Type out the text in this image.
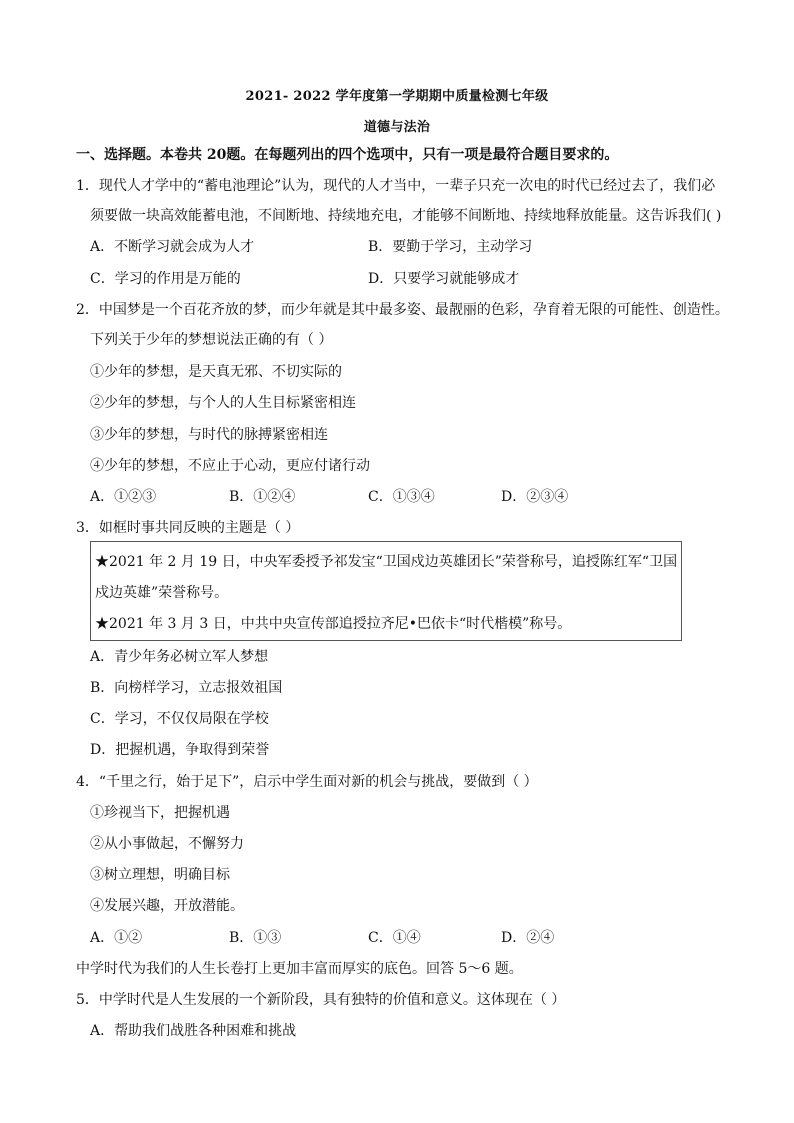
2021- 2022 学年度第一学期期中质量检测七年级
道德与法治
一、选择题。本卷共 20题。在每题列出的四个选项中，只有一项是最符合题目要求的。
1．现代人才学中的“蓄电池理论”认为，现代的人才当中，一辈子只充一次电的时代已经过去了，我们必
须要做一块高效能蓄电池，不间断地、持续地充电，才能够不间断地、持续地释放能量。这告诉我们( )
A．不断学习就会成为人才	B．要勤于学习，主动学习
C．学习的作用是万能的	D．只要学习就能够成才
2．中国梦是一个百花齐放的梦，而少年就是其中最多姿、最靓丽的色彩，孕育着无限的可能性、创造性。
下列关于少年的梦想说法正确的有（ ）
①少年的梦想，是天真无邪、不切实际的
②少年的梦想，与个人的人生目标紧密相连
③少年的梦想，与时代的脉搏紧密相连
④少年的梦想，不应止于心动，更应付诸行动
A．①②③	B．①②④	C．①③④	D．②③④
3．如框时事共同反映的主题是（ ）
★2021 年 2 月 19 日，中央军委授予祁发宝“卫国戍边英雄团长”荣誉称号，追授陈红军“卫国
戍边英雄”荣誉称号。
★2021 年 3 月 3 日，中共中央宣传部追授拉齐尼•巴依卡“时代楷模”称号。
A．青少年务必树立军人梦想
B．向榜样学习，立志报效祖国
C．学习，不仅仅局限在学校
D．把握机遇，争取得到荣誉
4．“千里之行，始于足下”，启示中学生面对新的机会与挑战，要做到（ ）
①珍视当下，把握机遇
②从小事做起，不懈努力
③树立理想，明确目标
④发展兴趣，开放潜能。
A．①②	B．①③	C．①④	D．②④
中学时代为我们的人生长卷打上更加丰富而厚实的底色。回答 5～6 题。
5．中学时代是人生发展的一个新阶段，具有独特的价值和意义。这体现在（ ）
A．帮助我们战胜各种困难和挑战
